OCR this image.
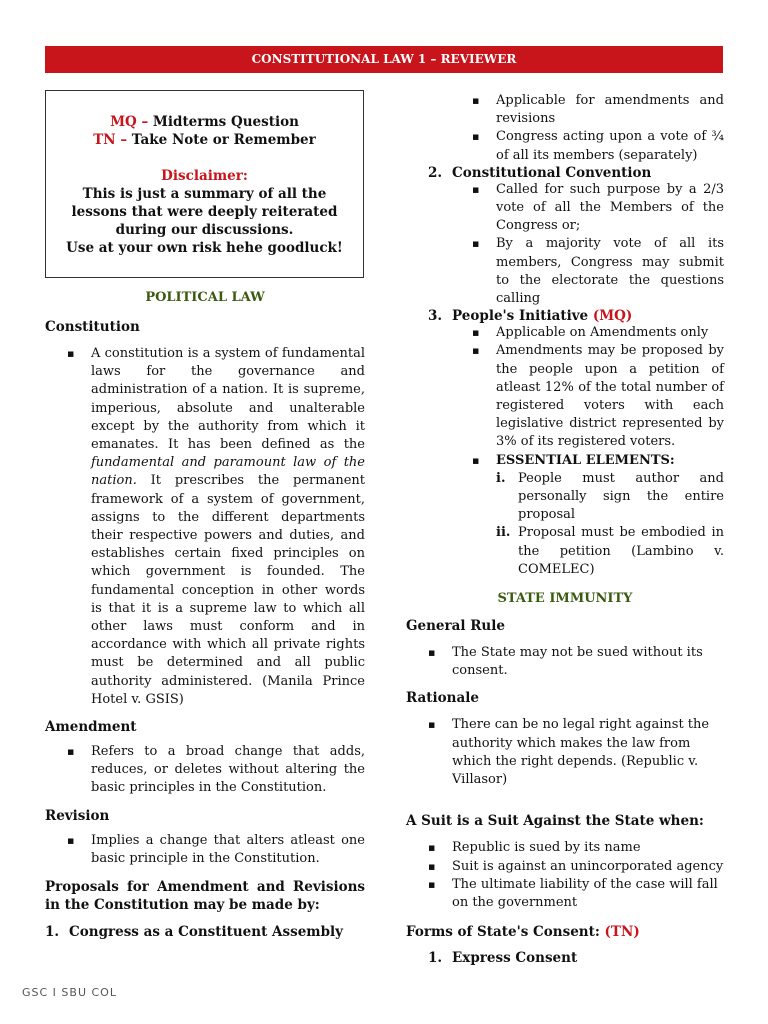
CONSTITUTIONAL LAW 1 – REVIEWER
MQ – Midterms Question
TN – Take Note or Remember
Disclaimer:
This is just a summary of all the lessons that were deeply reiterated during our discussions.
Use at your own risk hehe goodluck!
POLITICAL LAW
Constitution
▪ A constitution is a system of fundamental laws for the governance and administration of a nation. It is supreme, imperious, absolute and unalterable except by the authority from which it emanates. It has been defined as the fundamental and paramount law of the nation. It prescribes the permanent framework of a system of government, assigns to the different departments their respective powers and duties, and establishes certain fixed principles on which government is founded. The fundamental conception in other words is that it is a supreme law to which all other laws must conform and in accordance with which all private rights must be determined and all public authority administered. (Manila Prince Hotel v. GSIS)
Amendment
▪ Refers to a broad change that adds, reduces, or deletes without altering the basic principles in the Constitution.
Revision
▪ Implies a change that alters atleast one basic principle in the Constitution.
Proposals for Amendment and Revisions in the Constitution may be made by:
1. Congress as a Constituent Assembly
▪ Applicable for amendments and revisions
▪ Congress acting upon a vote of ¾ of all its members (separately)
2. Constitutional Convention
▪ Called for such purpose by a 2/3 vote of all the Members of the Congress or;
▪ By a majority vote of all its members, Congress may submit to the electorate the questions calling
3. People's Initiative (MQ)
▪ Applicable on Amendments only
▪ Amendments may be proposed by the people upon a petition of atleast 12% of the total number of registered voters with each legislative district represented by 3% of its registered voters.
▪ ESSENTIAL ELEMENTS:
i. People must author and personally sign the entire proposal
ii. Proposal must be embodied in the petition (Lambino v. COMELEC)
STATE IMMUNITY
General Rule
▪ The State may not be sued without its consent.
Rationale
▪ There can be no legal right against the authority which makes the law from which the right depends. (Republic v. Villasor)
A Suit is a Suit Against the State when:
▪ Republic is sued by its name
▪ Suit is against an unincorporated agency
▪ The ultimate liability of the case will fall on the government
Forms of State's Consent: (TN)
1. Express Consent
GSC I SBU COL
